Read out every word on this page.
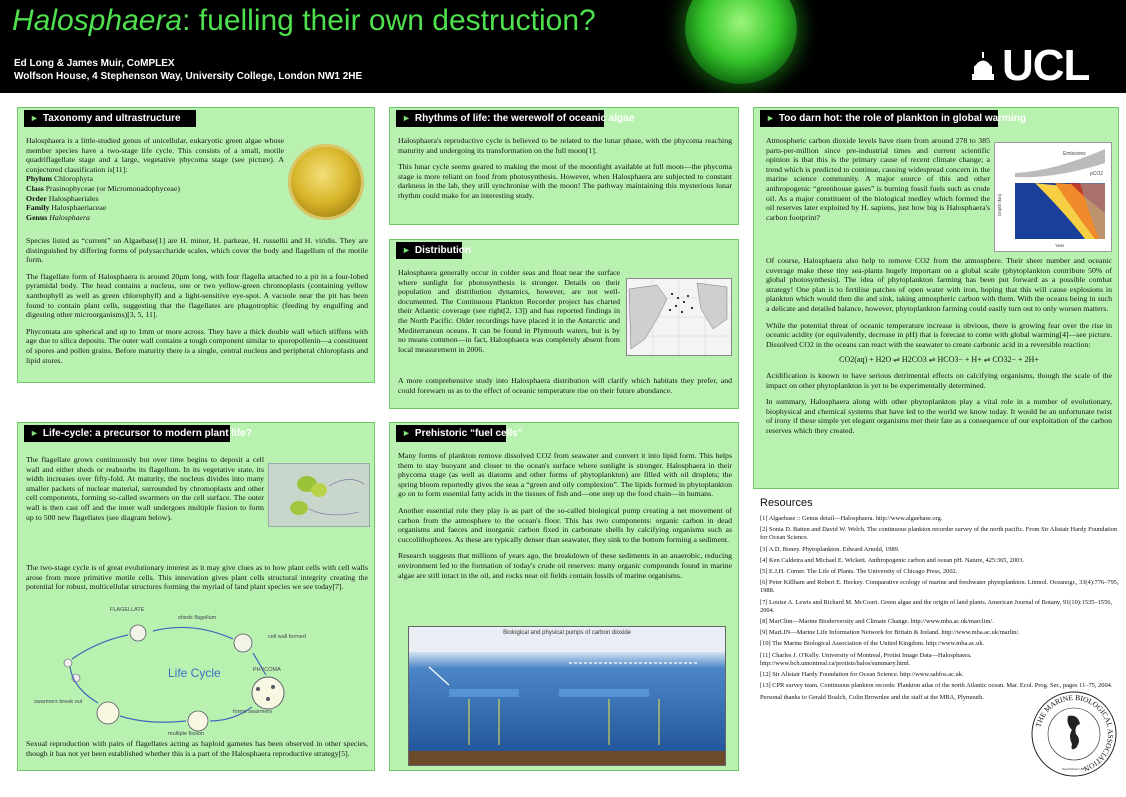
Halosphaera: fuelling their own destruction?
Ed Long & James Muir, CoMPLEX
Wolfson House, 4 Stephenson Way, University College, London NW1 2HE	UCL
► Taxonomy and ultrastructure

Halosphaera is a little-studied genus of unicellular, eukaryotic green algae whose member species have a two-stage life cycle. This consists of a small, motile quadriflagellate stage and a large, vegetative phycoma stage (see picture). A conjectured classification is[11]:

Phylum Chlorophyta

Class Prasinophyceae (or Micromonadophyceae)

Order Halosphaeriales

Family Halosphaeriaceae

Genus Halosphaera

Species listed as “current” on Algaebase[1] are H. minor, H. parkeae, H. russellii and H. viridis. They are distinguished by differing forms of polysaccharide scales, which cover the body and flagellum of the motile form.

The flagellate form of Halosphaera is around 20μm long, with four flagella attached to a pit in a four-lobed pyramidal body. The head contains a nucleus, one or two yellow-green chromoplasts (containing yellow xanthophyll as well as green chlorophyll) and a light-sensitive eye-spot. A vacuole near the pit has been found to contain plant cells, suggesting that the flagellates are phagotrophic (feeding by engulfing and digesting other microorganisms)[3, 5, 11].

Phycomata are spherical and up to 1mm or more across. They have a thick double wall which stiffens with age due to silica deposits. The outer wall contains a tough component similar to sporopollenin—a constituent of spores and pollen grains. Before maturity there is a single, central nucleus and peripheral chloroplasts and lipid stores.

► Life-cycle: a precursor to modern plant life?

The flagellate grows continuously but over time begins to deposit a cell wall and either sheds or reabsorbs its flagellum. In its vegetative state, its width increases over fifty-fold. At maturity, the nucleus divides into many smaller packets of nuclear material, surrounded by chromoplasts and other cell components, forming so-called swarmers on the cell surface. The outer wall is then cast off and the inner wall undergoes multiple fission to form up to 500 new flagellates (see diagram below).

The two-stage cycle is of great evolutionary interest as it may give clues as to how plant cells with cell walls arose from more primitive motile cells. This innovation gives plant cells structural integrity creating the potential for robust, multicellular structures forming the myriad of land plant species we see today[7].

FLAGELLATE
sheds flagellum
cell wall formed
PHYCOMA
forms swarmers
multiple fission
swarmers break out
Life Cycle

Sexual reproduction with pairs of flagellates acting as haploid gametes has been observed in other species, though it has not yet been established whether this is a part of the Halosphaera reproductive strategy[5].

► Rhythms of life: the werewolf of oceanic algae

Halosphaera's reproductive cycle is believed to be related to the lunar phase, with the phycoma reaching maturity and undergoing its transformation on the full moon[1].

This lunar cycle seems geared to making the most of the moonlight available at full moon—the phycoma stage is more reliant on food from photosynthesis. However, when Halosphaera are subjected to constant darkness in the lab, they still synchronise with the moon! The pathway maintaining this mysterious lunar rhythm could make for an interesting study.

► Distribution

Halosphaera generally occur in colder seas and float near the surface where sunlight for photosynthesis is stronger. Details on their population and distribution dynamics, however, are not well-documented. The Continuous Plankton Recorder project has charted their Atlantic coverage (see right[2, 13]) and has reported findings in the North Pacific. Older recordings have placed it in the Antarctic and Mediterranean oceans. It can be found in Plymouth waters, but is by no means common—in fact, Halosphaera was completely absent from local measurement in 2006.

A more comprehensive study into Halosphaera distribution will clarify which habitats they prefer, and could forewarn us as to the effect of oceanic temperature rise on their future abundance.

► Prehistoric “fuel cells”

Many forms of plankton remove dissolved CO2 from seawater and convert it into lipid form. This helps them to stay buoyant and closer to the ocean's surface where sunlight is stronger. Halosphaera in their phycoma stage (as well as diatoms and other forms of phytoplankton) are filled with oil droplets; the spring bloom reportedly gives the seas a “green and oily complexion”. The lipids formed in phytoplankton go on to form essential fatty acids in the tissues of fish and—one step up the food chain—in humans.

Another essential role they play is as part of the so-called biological pump creating a net movement of carbon from the atmosphere to the ocean's floor. This has two components: organic carbon in dead organisms and faeces and inorganic carbon fixed in carbonate shells by calcifying organisms such as coccolithophores. As these are typically denser than seawater, they sink to the bottom forming a sediment.

Research suggests that millions of years ago, the breakdown of these sediments in an anaerobic, reducing environment led to the formation of today's crude oil reserves: many organic compounds found in marine algae are still intact in the oil, and rocks near oil fields contain fossils of marine organisms.

Biological and physical pumps of carbon dioxide
► Too darn hot: the role of plankton in global warming
Emissions
pCO2
Depth (km)
Year

Atmospheric carbon dioxide levels have risen from around 278 to 385 parts-per-million since pre-industrial times and current scientific opinion is that this is the primary cause of recent climate change; a trend which is predicted to continue, causing widespread concern in the marine science community. A major source of this and other anthropogenic “greenhouse gases” is burning fossil fuels such as crude oil. As a major constituent of the biological medley which formed the oil reserves later exploited by H. sapiens, just how big is Halosphaera's carbon footprint?

Of course, Halosphaera also help to remove CO2 from the atmosphere. Their sheer number and oceanic coverage make these tiny sea-plants hugely important on a global scale (phytoplankton contribute 50% of global photosynthesis). The idea of phytoplankton farming has been put forward as a possible combat strategy! One plan is to fertilise patches of open water with iron, hoping that this will cause explosions in plankton which would then die and sink, taking atmospheric carbon with them. With the oceans being in such a delicate and detailed balance, however, phytoplankton farming could easily turn out to only worsen matters.

While the potential threat of oceanic temperature increase is obvious, there is growing fear over the rise in oceanic acidity (or equivalently, decrease in pH) that is forecast to come with global warming[4]—see picture. Dissolved CO2 in the oceans can react with the seawater to create carbonic acid in a reversible reaction:

CO2(aq) + H2O ⇌ H2CO3 ⇌ HCO3− + H+ ⇌ CO32− + 2H+

Acidification is known to have serious detrimental effects on calcifying organisms, though the scale of the impact on other phytoplankton is yet to be experimentally determined.

In summary, Halosphaera along with other phytoplankton play a vital role in a number of evolutionary, biophysical and chemical systems that have led to the world we know today. It would be an unfortunate twist of irony if these simple yet elegant organisms met their fate as a consequence of our exploitation of the carbon reserves which they created.

Resources
[1] Algaebase :: Genus detail—Halosphaera. http://www.algaebase.org.
[2] Sonia D. Batten and David W. Welch. The continuous plankton recorder survey of the north pacific. From Sir Alistair Hardy Foundation for Ocean Science.
[3] A.D. Boney. Phytoplankton. Edward Arnold, 1989.
[4] Ken Caldeira and Michael E. Wickett. Anthropogenic carbon and ocean pH. Nature, 425:365, 2003.
[5] E.J.H. Corner. The Life of Plants. The University of Chicago Press, 2002.
[6] Peter Killham and Robert E. Heckey. Comparative ecology of marine and freshwater phytoplankton. Limnol. Oceanogr., 33(4):776–795, 1988.
[7] Louise A. Lewis and Richard M. McCourt. Green algae and the origin of land plants. American Journal of Botany, 91(10):1535–1556, 2004.
[8] MarClim—Marine Bioderversity and Climate Change. http://www.mba.ac.uk/marclim/.
[9] MarLIN—Marine Life Information Network for Britain & Ireland. http://www.mba.ac.uk/marlin/.
[10] The Marine Biological Association of the United Kingdom. http://www.mba.ac.uk.
[11] Charles J. O'Kelly. University of Montreal, Protist Image Data—Halosphaera. http://www.bch.umontreal.ca/protists/halos/summary.html.
[12] Sir Alistair Hardy Foundation for Ocean Science. http://www.sahfos.ac.uk.
[13] CPR survey team. Continuous plankton records: Plankton atlas of the north Atlantic ocean. Mar. Ecol. Prog. Ser., pages 11–75, 2004.
Personal thanks to Gerald Boalch, Colin Brownlee and the staff at the MBA, Plymouth.
THE MARINE BIOLOGICAL ASSOCIATION
Established 1884
